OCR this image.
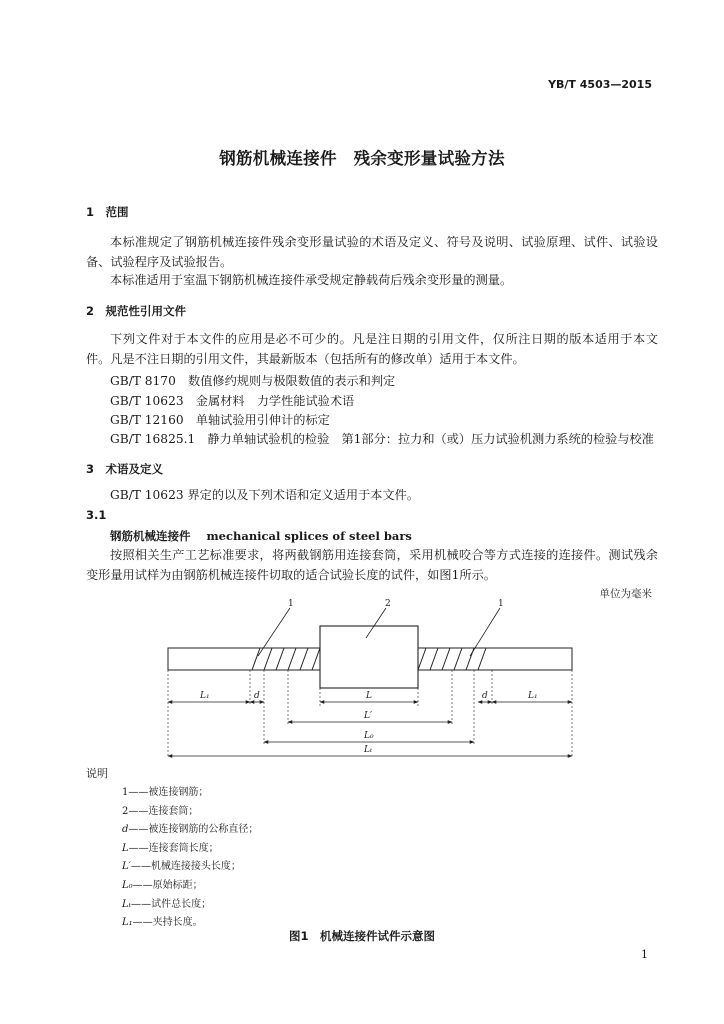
YB/T 4503—2015
钢筋机械连接件　残余变形量试验方法
1　范围
本标准规定了钢筋机械连接件残余变形量试验的术语及定义、符号及说明、试验原理、试件、试验设备、试验程序及试验报告。
本标准适用于室温下钢筋机械连接件承受规定静载荷后残余变形量的测量。
2　规范性引用文件
下列文件对于本文件的应用是必不可少的。凡是注日期的引用文件，仅所注日期的版本适用于本文件。凡是不注日期的引用文件，其最新版本（包括所有的修改单）适用于本文件。
GB/T 8170　数值修约规则与极限数值的表示和判定
GB/T 10623　金属材料　力学性能试验术语
GB/T 12160　单轴试验用引伸计的标定
GB/T 16825.1　静力单轴试验机的检验　第1部分：拉力和（或）压力试验机测力系统的检验与校准
3　术语及定义
GB/T 10623 界定的以及下列术语和定义适用于本文件。
3.1
钢筋机械连接件 mechanical splices of steel bars
按照相关生产工艺标准要求，将两截钢筋用连接套筒，采用机械咬合等方式连接的连接件。测试残余变形量用试样为由钢筋机械连接件切取的适合试验长度的试件，如图1所示。
单位为毫米
1	2	1
L₁	d	L	d	L₁
L′
L₀
Lₜ
说明
1——被连接钢筋；
2——连接套筒；
d——被连接钢筋的公称直径；
L——连接套筒长度；
L′——机械连接接头长度；
L₀——原始标距；
Lₜ——试件总长度；
L₁——夹持长度。
图1　机械连接件试件示意图
1
